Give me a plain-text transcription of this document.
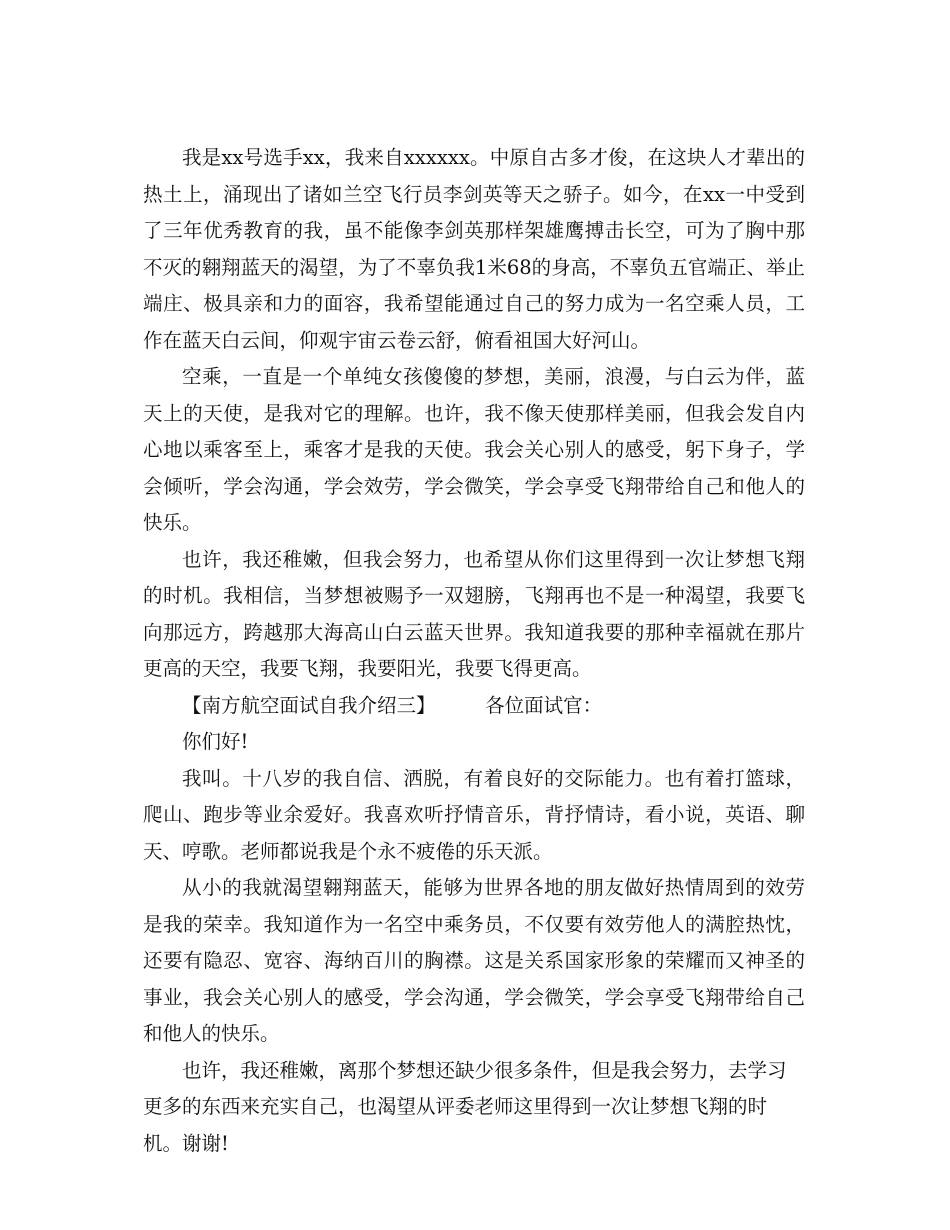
我是xx号选手xx，我来自xxxxxx。中原自古多才俊，在这块人才辈出的热土上，涌现出了诸如兰空飞行员李剑英等天之骄子。如今，在xx一中受到了三年优秀教育的我，虽不能像李剑英那样架雄鹰搏击长空，可为了胸中那不灭的翱翔蓝天的渴望，为了不辜负我1米68的身高，不辜负五官端正、举止端庄、极具亲和力的面容，我希望能通过自己的努力成为一名空乘人员，工作在蓝天白云间，仰观宇宙云卷云舒，俯看祖国大好河山。

空乘，一直是一个单纯女孩傻傻的梦想，美丽，浪漫，与白云为伴，蓝天上的天使，是我对它的理解。也许，我不像天使那样美丽，但我会发自内心地以乘客至上，乘客才是我的天使。我会关心别人的感受，躬下身子，学会倾听，学会沟通，学会效劳，学会微笑，学会享受飞翔带给自己和他人的快乐。

也许，我还稚嫩，但我会努力，也希望从你们这里得到一次让梦想飞翔的时机。我相信，当梦想被赐予一双翅膀，飞翔再也不是一种渴望，我要飞向那远方，跨越那大海高山白云蓝天世界。我知道我要的那种幸福就在那片更高的天空，我要飞翔，我要阳光，我要飞得更高。

【南方航空面试自我介绍三】	各位面试官：

你们好!

我叫。十八岁的我自信、洒脱，有着良好的交际能力。也有着打篮球，爬山、跑步等业余爱好。我喜欢听抒情音乐，背抒情诗，看小说，英语、聊天、哼歌。老师都说我是个永不疲倦的乐天派。

从小的我就渴望翱翔蓝天，能够为世界各地的朋友做好热情周到的效劳是我的荣幸。我知道作为一名空中乘务员，不仅要有效劳他人的满腔热忱，还要有隐忍、宽容、海纳百川的胸襟。这是关系国家形象的荣耀而又神圣的事业，我会关心别人的感受，学会沟通，学会微笑，学会享受飞翔带给自己和他人的快乐。

也许，我还稚嫩，离那个梦想还缺少很多条件，但是我会努力，去学习更多的东西来充实自己，也渴望从评委老师这里得到一次让梦想飞翔的时机。谢谢!
